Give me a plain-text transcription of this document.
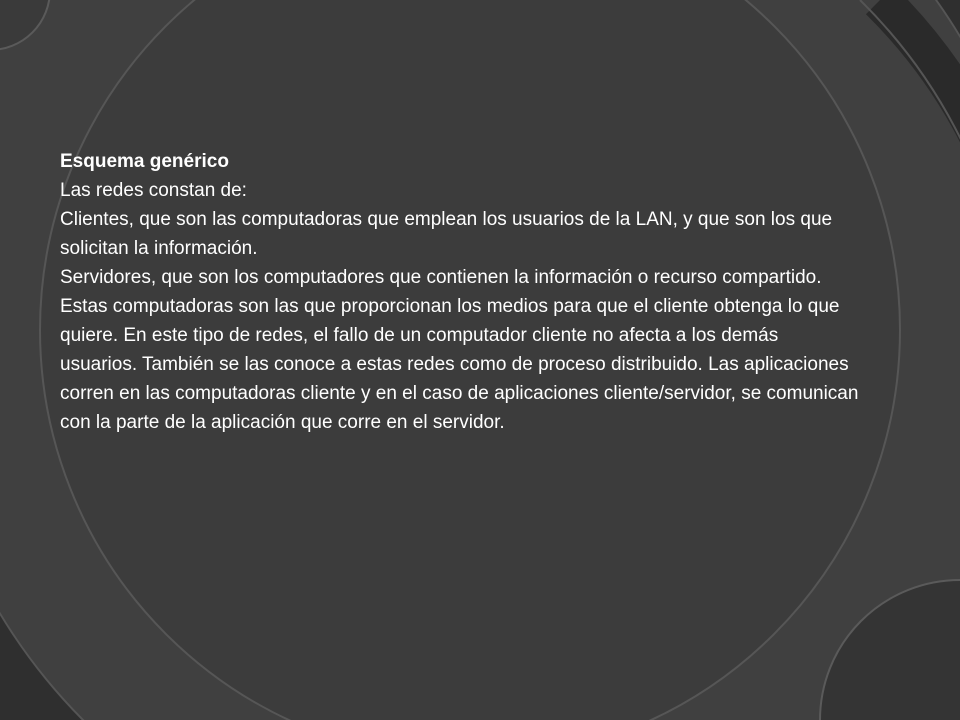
Esquema genérico

Las redes constan de:

Clientes, que son las computadoras que emplean los usuarios de la LAN, y que son los que solicitan la información.

Servidores, que son los computadores que contienen la información o recurso compartido. Estas computadoras son las que proporcionan los medios para que el cliente obtenga lo que quiere. En este tipo de redes, el fallo de un computador cliente no afecta a los demás usuarios. También se las conoce a estas redes como de proceso distribuido. Las aplicaciones corren en las computadoras cliente y en el caso de aplicaciones cliente/servidor, se comunican con la parte de la aplicación que corre en el servidor.
